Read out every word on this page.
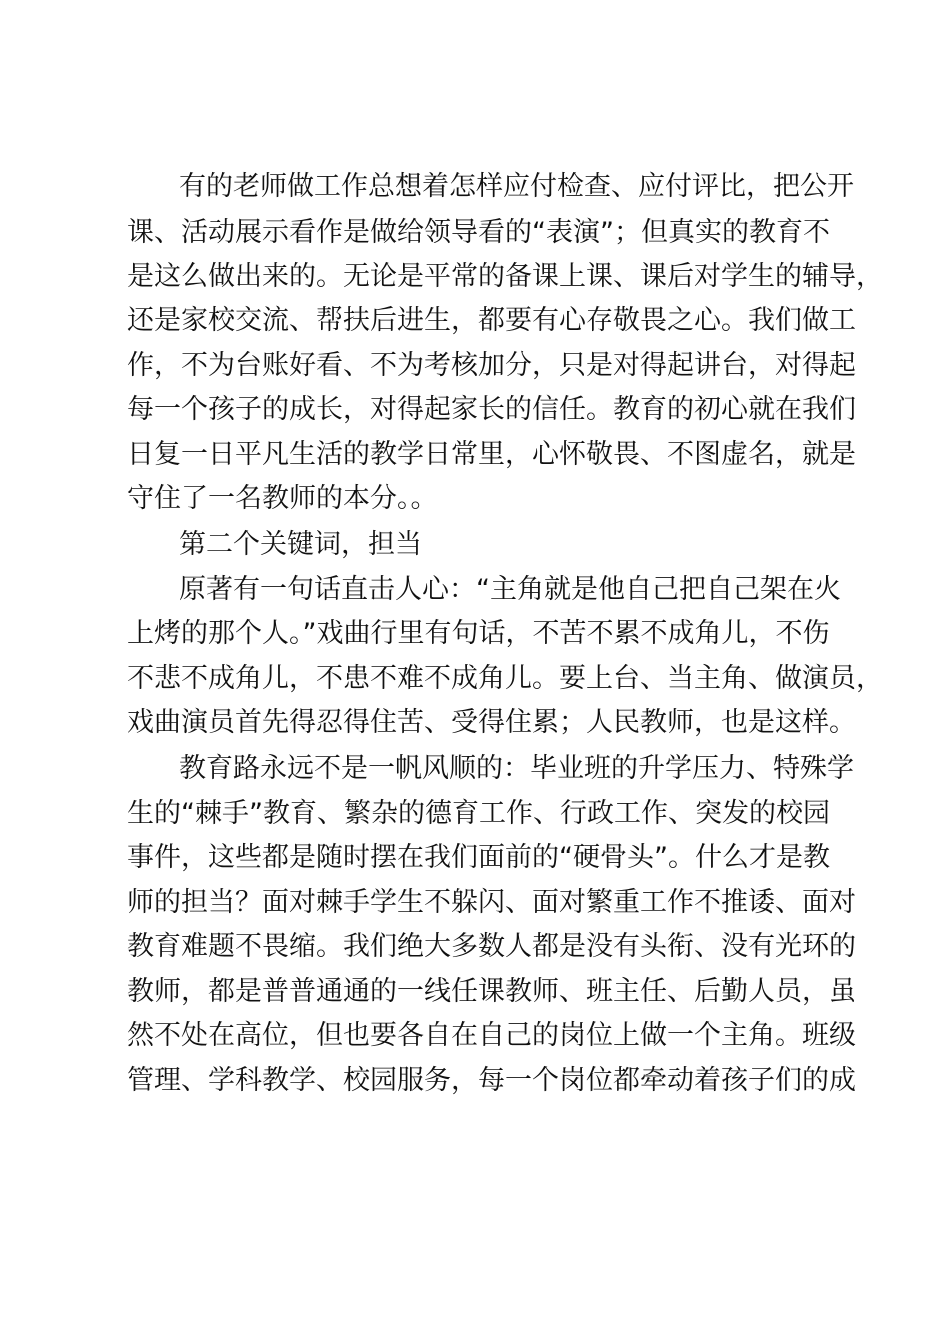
有的老师做工作总想着怎样应付检查、应付评比，把公开
课、活动展示看作是做给领导看的“表演”；但真实的教育不
是这么做出来的。无论是平常的备课上课、课后对学生的辅导，
还是家校交流、帮扶后进生，都要有心存敬畏之心。我们做工
作，不为台账好看、不为考核加分，只是对得起讲台，对得起
每一个孩子的成长，对得起家长的信任。教育的初心就在我们
日复一日平凡生活的教学日常里，心怀敬畏、不图虚名，就是
守住了一名教师的本分。。
第二个关键词，担当
原著有一句话直击人心：“主角就是他自己把自己架在火
上烤的那个人。”戏曲行里有句话，不苦不累不成角儿，不伤
不悲不成角儿，不患不难不成角儿。要上台、当主角、做演员，
戏曲演员首先得忍得住苦、受得住累；人民教师，也是这样。
教育路永远不是一帆风顺的：毕业班的升学压力、特殊学
生的“棘手”教育、繁杂的德育工作、行政工作、突发的校园
事件，这些都是随时摆在我们面前的“硬骨头”。什么才是教
师的担当？面对棘手学生不躲闪、面对繁重工作不推诿、面对
教育难题不畏缩。我们绝大多数人都是没有头衔、没有光环的
教师，都是普普通通的一线任课教师、班主任、后勤人员，虽
然不处在高位，但也要各自在自己的岗位上做一个主角。班级
管理、学科教学、校园服务，每一个岗位都牵动着孩子们的成
